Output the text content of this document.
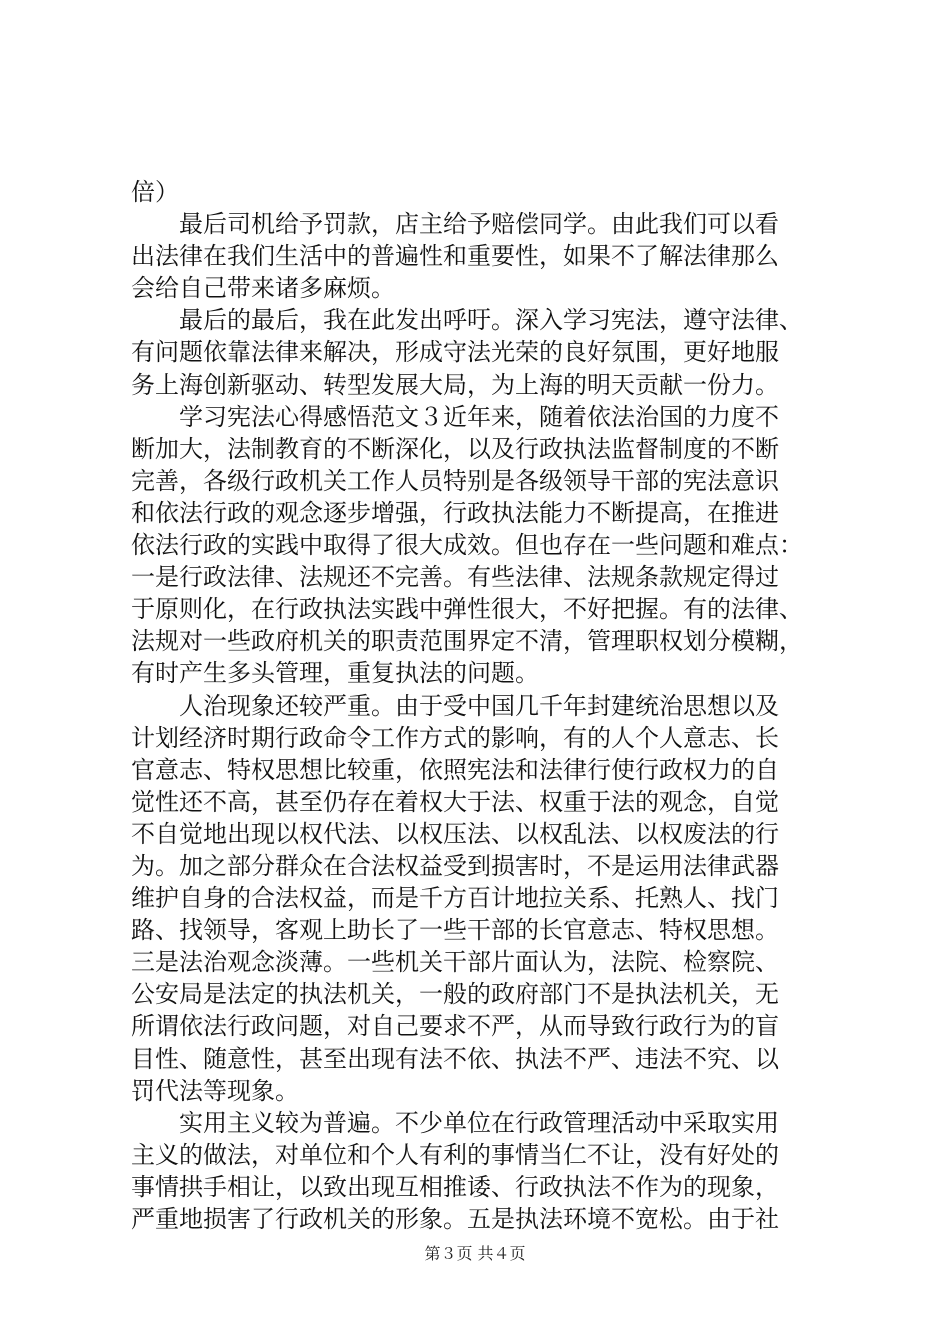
倍）
最后司机给予罚款，店主给予赔偿同学。由此我们可以看
出法律在我们生活中的普遍性和重要性，如果不了解法律那么
会给自己带来诸多麻烦。
最后的最后，我在此发出呼吁。深入学习宪法，遵守法律、
有问题依靠法律来解决，形成守法光荣的良好氛围，更好地服
务上海创新驱动、转型发展大局，为上海的明天贡献一份力。
学习宪法心得感悟范文３近年来，随着依法治国的力度不
断加大，法制教育的不断深化，以及行政执法监督制度的不断
完善，各级行政机关工作人员特别是各级领导干部的宪法意识
和依法行政的观念逐步增强，行政执法能力不断提高，在推进
依法行政的实践中取得了很大成效。但也存在一些问题和难点：
一是行政法律、法规还不完善。有些法律、法规条款规定得过
于原则化，在行政执法实践中弹性很大，不好把握。有的法律、
法规对一些政府机关的职责范围界定不清，管理职权划分模糊，
有时产生多头管理，重复执法的问题。
人治现象还较严重。由于受中国几千年封建统治思想以及
计划经济时期行政命令工作方式的影响，有的人个人意志、长
官意志、特权思想比较重，依照宪法和法律行使行政权力的自
觉性还不高，甚至仍存在着权大于法、权重于法的观念，自觉
不自觉地出现以权代法、以权压法、以权乱法、以权废法的行
为。加之部分群众在合法权益受到损害时，不是运用法律武器
维护自身的合法权益，而是千方百计地拉关系、托熟人、找门
路、找领导，客观上助长了一些干部的长官意志、特权思想。
三是法治观念淡薄。一些机关干部片面认为，法院、检察院、
公安局是法定的执法机关，一般的政府部门不是执法机关，无
所谓依法行政问题，对自己要求不严，从而导致行政行为的盲
目性、随意性，甚至出现有法不依、执法不严、违法不究、以
罚代法等现象。
实用主义较为普遍。不少单位在行政管理活动中采取实用
主义的做法，对单位和个人有利的事情当仁不让，没有好处的
事情拱手相让，以致出现互相推诿、行政执法不作为的现象，
严重地损害了行政机关的形象。五是执法环境不宽松。由于社
第３页 共４页
